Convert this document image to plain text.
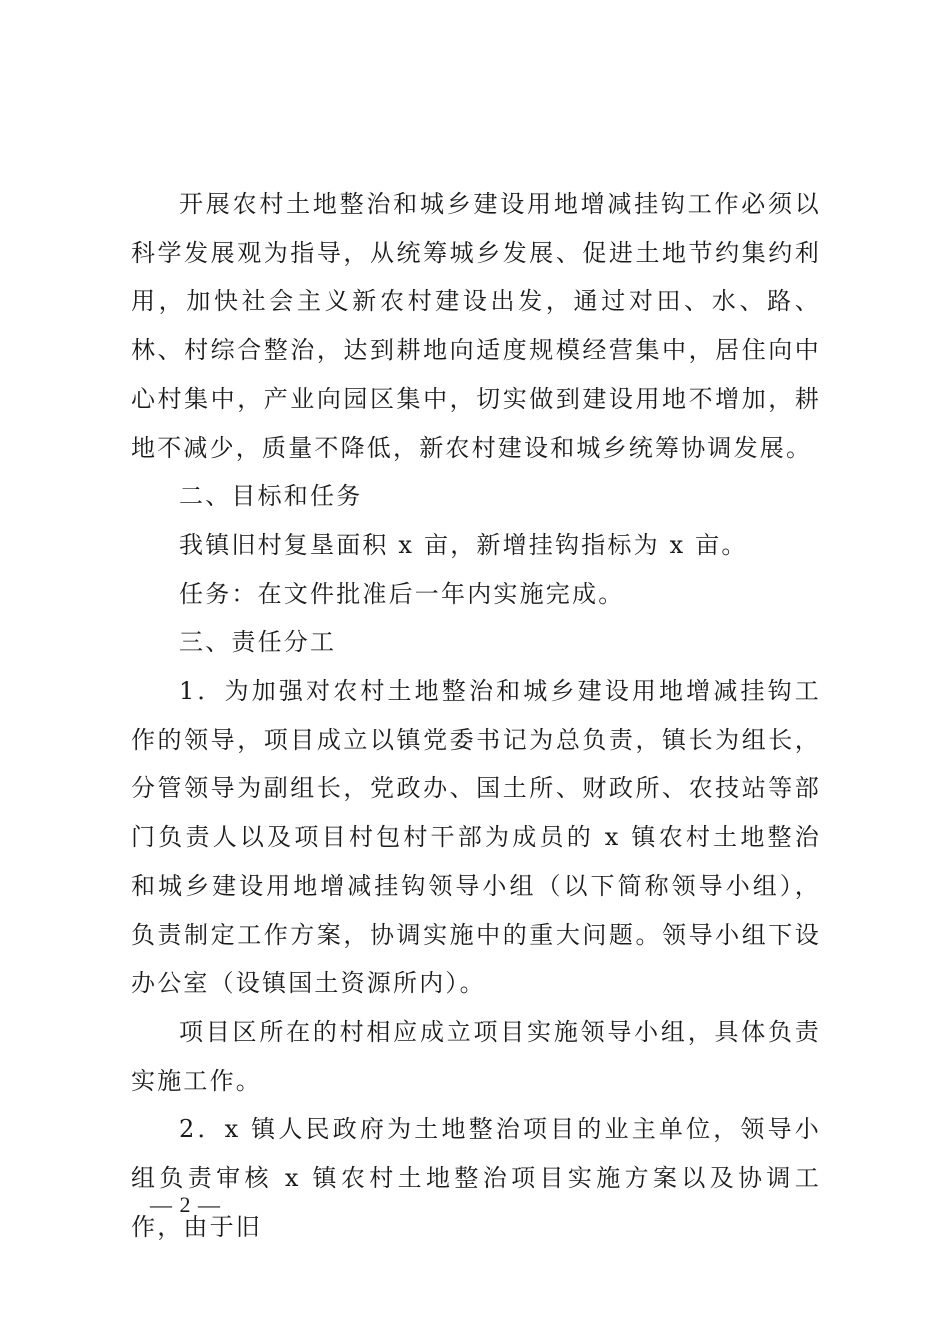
开展农村土地整治和城乡建设用地增减挂钩工作必须以科学发展观为指导，从统筹城乡发展、促进土地节约集约利用，加快社会主义新农村建设出发，通过对田、水、路、林、村综合整治，达到耕地向适度规模经营集中，居住向中心村集中，产业向园区集中，切实做到建设用地不增加，耕地不减少，质量不降低，新农村建设和城乡统筹协调发展。

二、目标和任务

我镇旧村复垦面积 x 亩，新增挂钩指标为 x 亩。

任务：在文件批准后一年内实施完成。

三、责任分工

1．为加强对农村土地整治和城乡建设用地增减挂钩工作的领导，项目成立以镇党委书记为总负责，镇长为组长，分管领导为副组长，党政办、国土所、财政所、农技站等部门负责人以及项目村包村干部为成员的 x 镇农村土地整治和城乡建设用地增减挂钩领导小组（以下简称领导小组），负责制定工作方案，协调实施中的重大问题。领导小组下设办公室（设镇国土资源所内）。

项目区所在的村相应成立项目实施领导小组，具体负责实施工作。

2．x 镇人民政府为土地整治项目的业主单位，领导小组负责审核 x 镇农村土地整治项目实施方案以及协调工作，由于旧

— 2 —
